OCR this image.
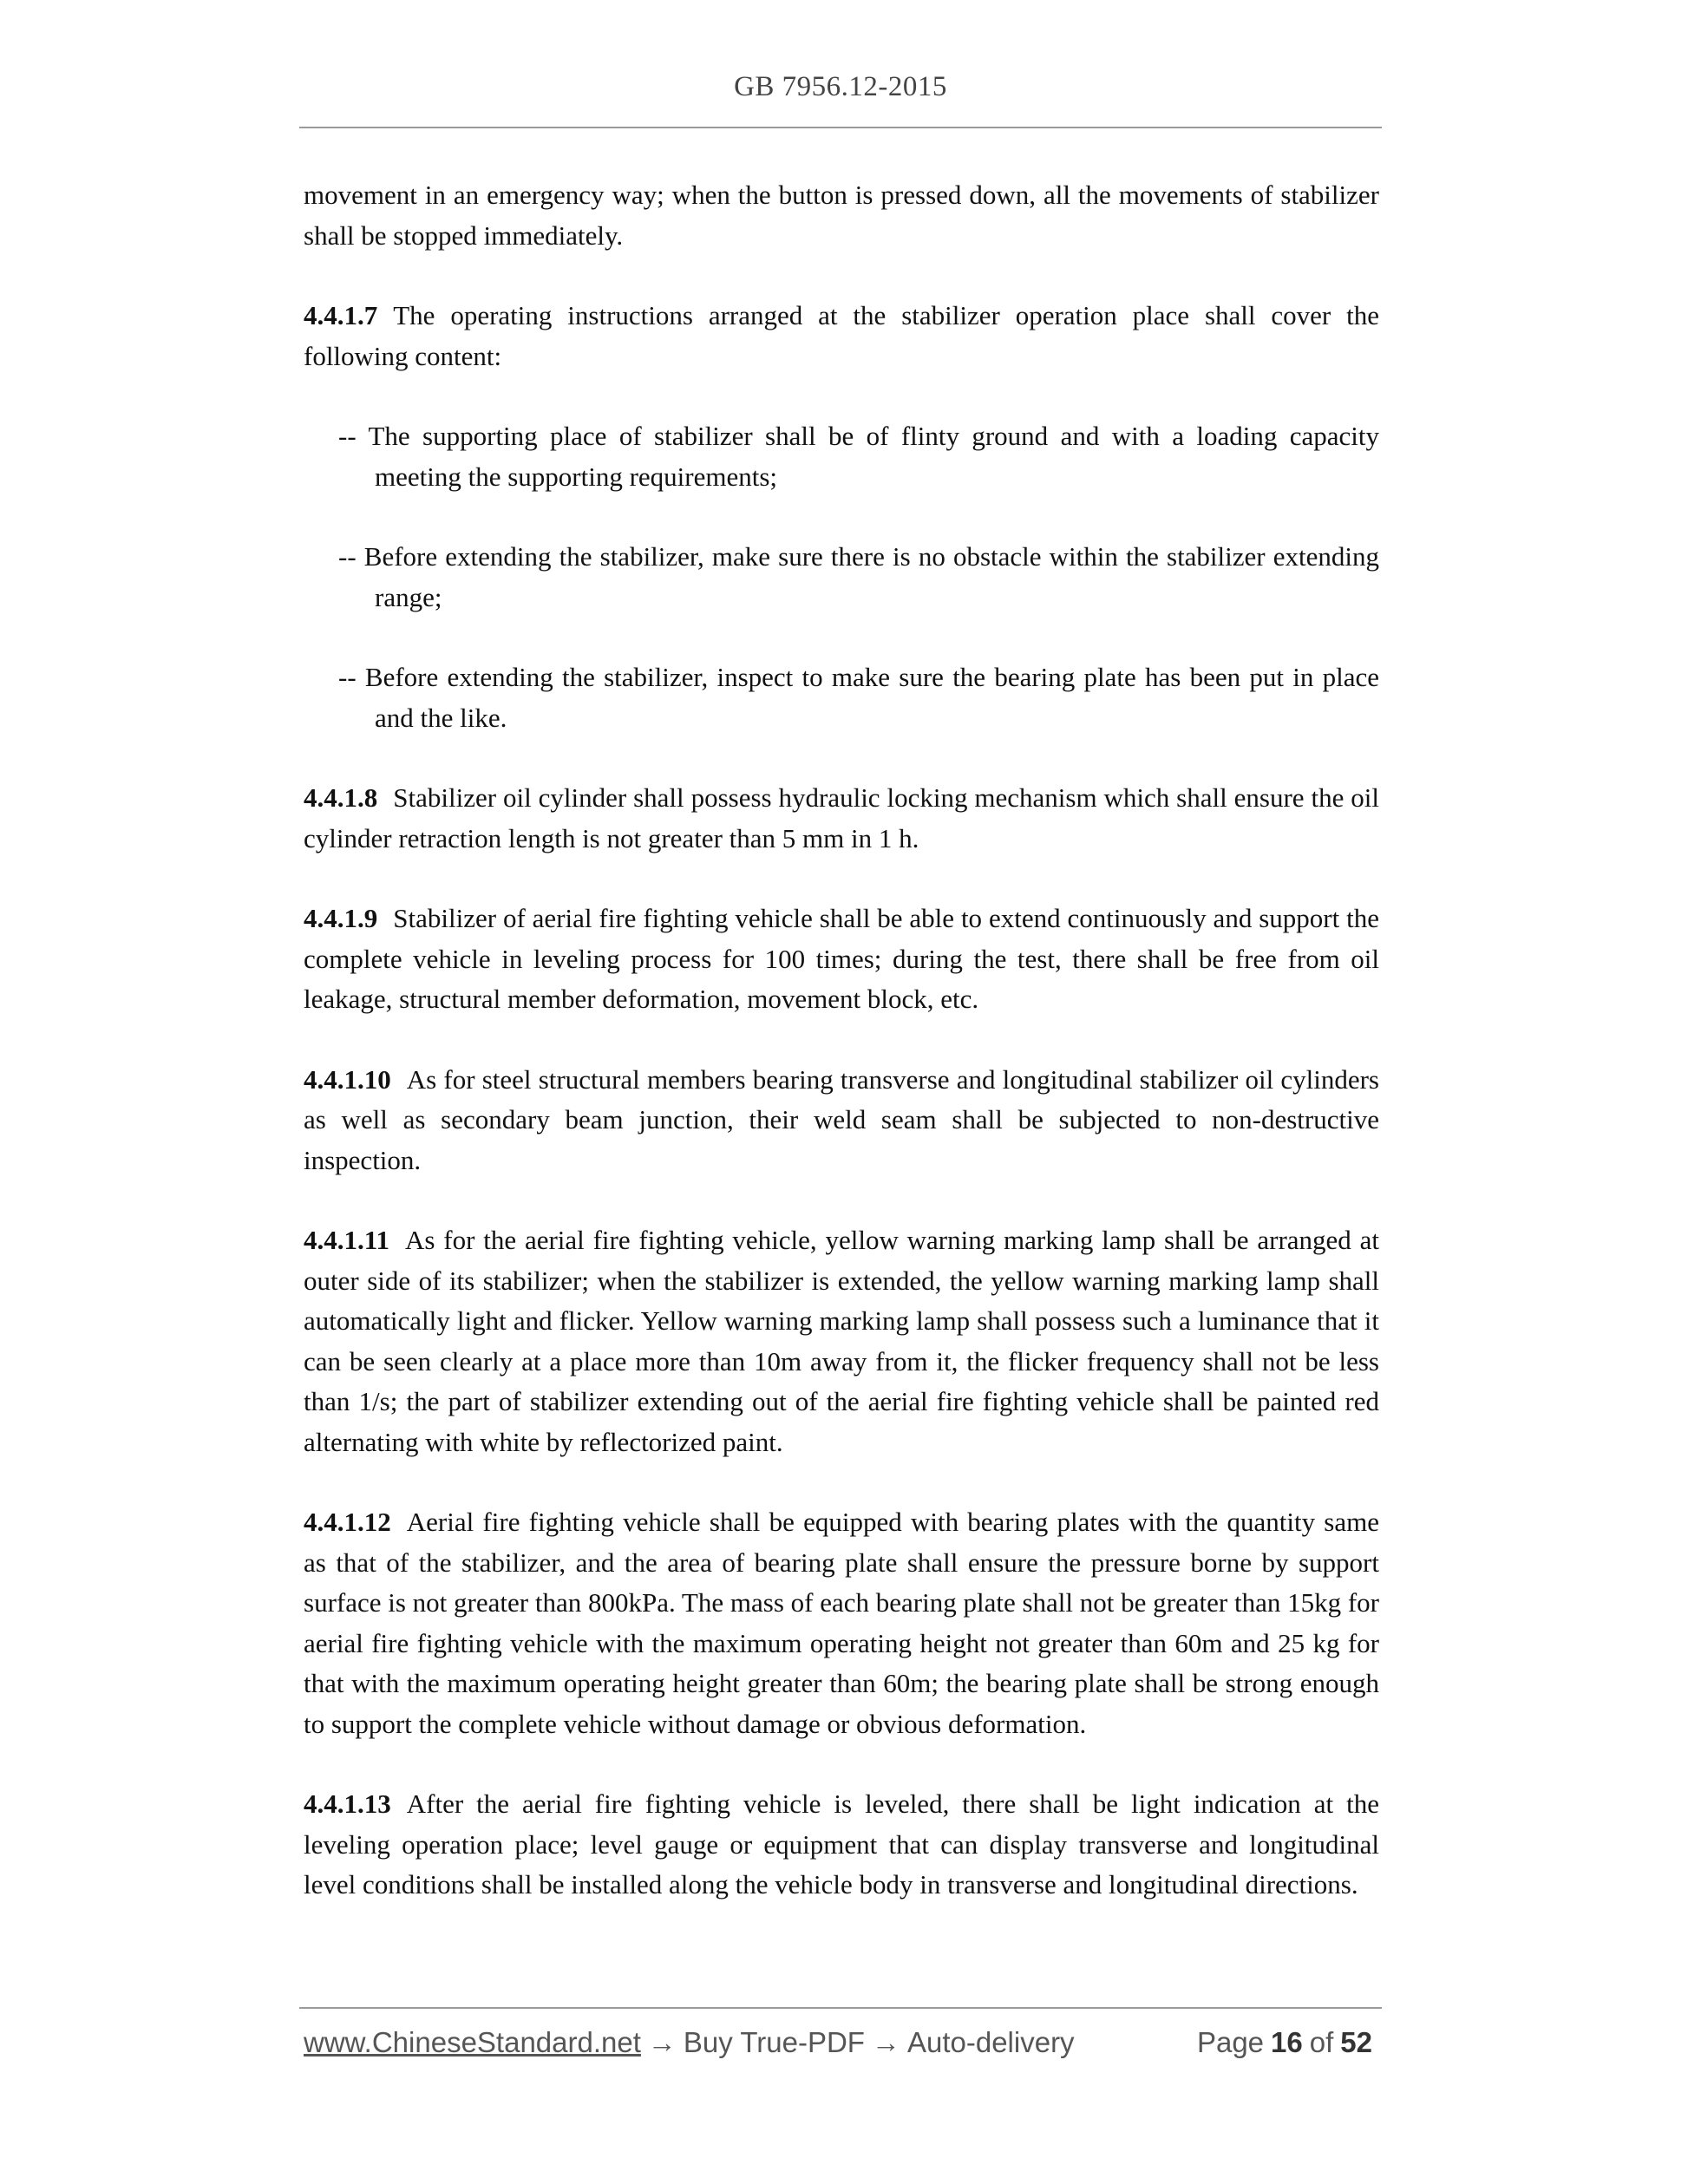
GB 7956.12-2015

movement in an emergency way; when the button is pressed down, all the movements of stabilizer shall be stopped immediately.

4.4.1.7 The operating instructions arranged at the stabilizer operation place shall cover the following content:

-- The supporting place of stabilizer shall be of flinty ground and with a loading capacity meeting the supporting requirements;
-- Before extending the stabilizer, make sure there is no obstacle within the stabilizer extending range;
-- Before extending the stabilizer, inspect to make sure the bearing plate has been put in place and the like.

4.4.1.8 Stabilizer oil cylinder shall possess hydraulic locking mechanism which shall ensure the oil cylinder retraction length is not greater than 5 mm in 1 h.

4.4.1.9 Stabilizer of aerial fire fighting vehicle shall be able to extend continuously and support the complete vehicle in leveling process for 100 times; during the test, there shall be free from oil leakage, structural member deformation, movement block, etc.

4.4.1.10 As for steel structural members bearing transverse and longitudinal stabilizer oil cylinders as well as secondary beam junction, their weld seam shall be subjected to non-destructive inspection.

4.4.1.11 As for the aerial fire fighting vehicle, yellow warning marking lamp shall be arranged at outer side of its stabilizer; when the stabilizer is extended, the yellow warning marking lamp shall automatically light and flicker. Yellow warning marking lamp shall possess such a luminance that it can be seen clearly at a place more than 10m away from it, the flicker frequency shall not be less than 1/s; the part of stabilizer extending out of the aerial fire fighting vehicle shall be painted red alternating with white by reflectorized paint.

4.4.1.12 Aerial fire fighting vehicle shall be equipped with bearing plates with the quantity same as that of the stabilizer, and the area of bearing plate shall ensure the pressure borne by support surface is not greater than 800kPa. The mass of each bearing plate shall not be greater than 15kg for aerial fire fighting vehicle with the maximum operating height not greater than 60m and 25 kg for that with the maximum operating height greater than 60m; the bearing plate shall be strong enough to support the complete vehicle without damage or obvious deformation.

4.4.1.13 After the aerial fire fighting vehicle is leveled, there shall be light indication at the leveling operation place; level gauge or equipment that can display transverse and longitudinal level conditions shall be installed along the vehicle body in transverse and longitudinal directions.

www.ChineseStandard.net → Buy True-PDF → Auto-delivery	Page 16 of 52
